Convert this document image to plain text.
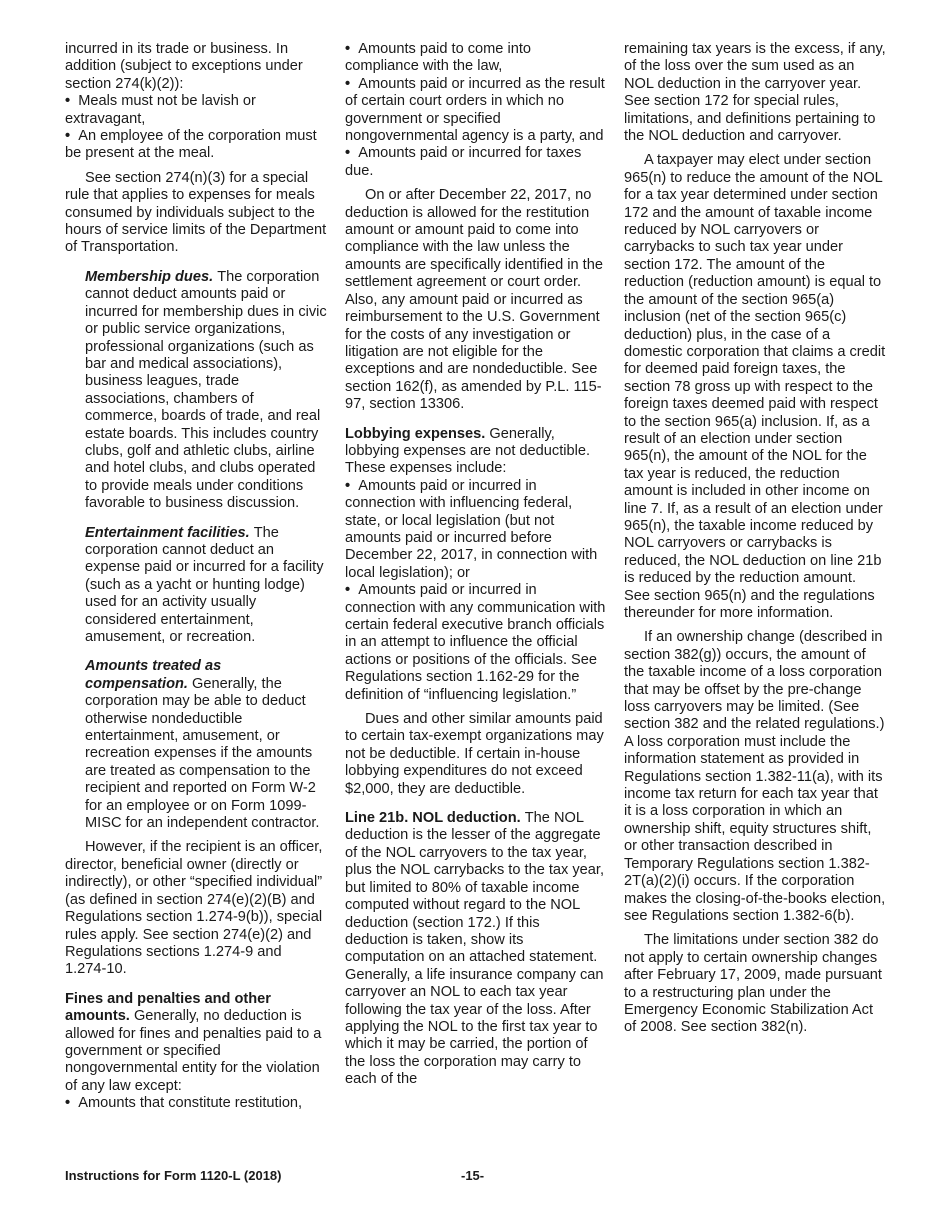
incurred in its trade or business. In addition (subject to exceptions under section 274(k)(2)):

•  Meals must not be lavish or extravagant,

•  An employee of the corporation must be present at the meal.

See section 274(n)(3) for a special rule that applies to expenses for meals consumed by individuals subject to the hours of service limits of the Department of Transportation.

Membership dues. The corporation cannot deduct amounts paid or incurred for membership dues in civic or public service organizations, professional organizations (such as bar and medical associations), business leagues, trade associations, chambers of commerce, boards of trade, and real estate boards. This includes country clubs, golf and athletic clubs, airline and hotel clubs, and clubs operated to provide meals under conditions favorable to business discussion.

Entertainment facilities. The corporation cannot deduct an expense paid or incurred for a facility (such as a yacht or hunting lodge) used for an activity usually considered entertainment, amusement, or recreation.

Amounts treated as compensation. Generally, the corporation may be able to deduct otherwise nondeductible entertainment, amusement, or recreation expenses if the amounts are treated as compensation to the recipient and reported on Form W-2 for an employee or on Form 1099-MISC for an independent contractor.

However, if the recipient is an officer, director, beneficial owner (directly or indirectly), or other “specified individual” (as defined in section 274(e)(2)(B) and Regulations section 1.274-9(b)), special rules apply. See section 274(e)(2) and Regulations sections 1.274-9 and 1.274-10.

Fines and penalties and other amounts. Generally, no deduction is allowed for fines and penalties paid to a government or specified nongovernmental entity for the violation of any law except:

•  Amounts that constitute restitution,

•  Amounts paid to come into compliance with the law,

•  Amounts paid or incurred as the result of certain court orders in which no government or specified nongovernmental agency is a party, and

•  Amounts paid or incurred for taxes due.

On or after December 22, 2017, no deduction is allowed for the restitution amount or amount paid to come into compliance with the law unless the amounts are specifically identified in the settlement agreement or court order. Also, any amount paid or incurred as reimbursement to the U.S. Government for the costs of any investigation or litigation are not eligible for the exceptions and are nondeductible. See section 162(f), as amended by P.L. 115-97, section 13306.

Lobbying expenses. Generally, lobbying expenses are not deductible. These expenses include:

•  Amounts paid or incurred in connection with influencing federal, state, or local legislation (but not amounts paid or incurred before December 22, 2017, in connection with local legislation); or

•  Amounts paid or incurred in connection with any communication with certain federal executive branch officials in an attempt to influence the official actions or positions of the officials. See Regulations section 1.162-29 for the definition of “influencing legislation.”

Dues and other similar amounts paid to certain tax-exempt organizations may not be deductible. If certain in-house lobbying expenditures do not exceed $2,000, they are deductible.

Line 21b. NOL deduction. The NOL deduction is the lesser of the aggregate of the NOL carryovers to the tax year, plus the NOL carrybacks to the tax year, but limited to 80% of taxable income computed without regard to the NOL deduction (section 172.) If this deduction is taken, show its computation on an attached statement. Generally, a life insurance company can carryover an NOL to each tax year following the tax year of the loss. After applying the NOL to the first tax year to which it may be carried, the portion of the loss the corporation may carry to each of the

remaining tax years is the excess, if any, of the loss over the sum used as an NOL deduction in the carryover year. See section 172 for special rules, limitations, and definitions pertaining to the NOL deduction and carryover.

A taxpayer may elect under section 965(n) to reduce the amount of the NOL for a tax year determined under section 172 and the amount of taxable income reduced by NOL carryovers or carrybacks to such tax year under section 172. The amount of the reduction (reduction amount) is equal to the amount of the section 965(a) inclusion (net of the section 965(c) deduction) plus, in the case of a domestic corporation that claims a credit for deemed paid foreign taxes, the section 78 gross up with respect to the foreign taxes deemed paid with respect to the section 965(a) inclusion. If, as a result of an election under section 965(n), the amount of the NOL for the tax year is reduced, the reduction amount is included in other income on line 7. If, as a result of an election under 965(n), the taxable income reduced by NOL carryovers or carrybacks is reduced, the NOL deduction on line 21b is reduced by the reduction amount. See section 965(n) and the regulations thereunder for more information.

If an ownership change (described in section 382(g)) occurs, the amount of the taxable income of a loss corporation that may be offset by the pre-change loss carryovers may be limited. (See section 382 and the related regulations.) A loss corporation must include the information statement as provided in Regulations section 1.382-11(a), with its income tax return for each tax year that it is a loss corporation in which an ownership shift, equity structures shift, or other transaction described in Temporary Regulations section 1.382-2T(a)(2)(i) occurs. If the corporation makes the closing-of-the-books election, see Regulations section 1.382-6(b).

The limitations under section 382 do not apply to certain ownership changes after February 17, 2009, made pursuant to a restructuring plan under the Emergency Economic Stabilization Act of 2008. See section 382(n).

Instructions for Form 1120-L (2018)	-15-
